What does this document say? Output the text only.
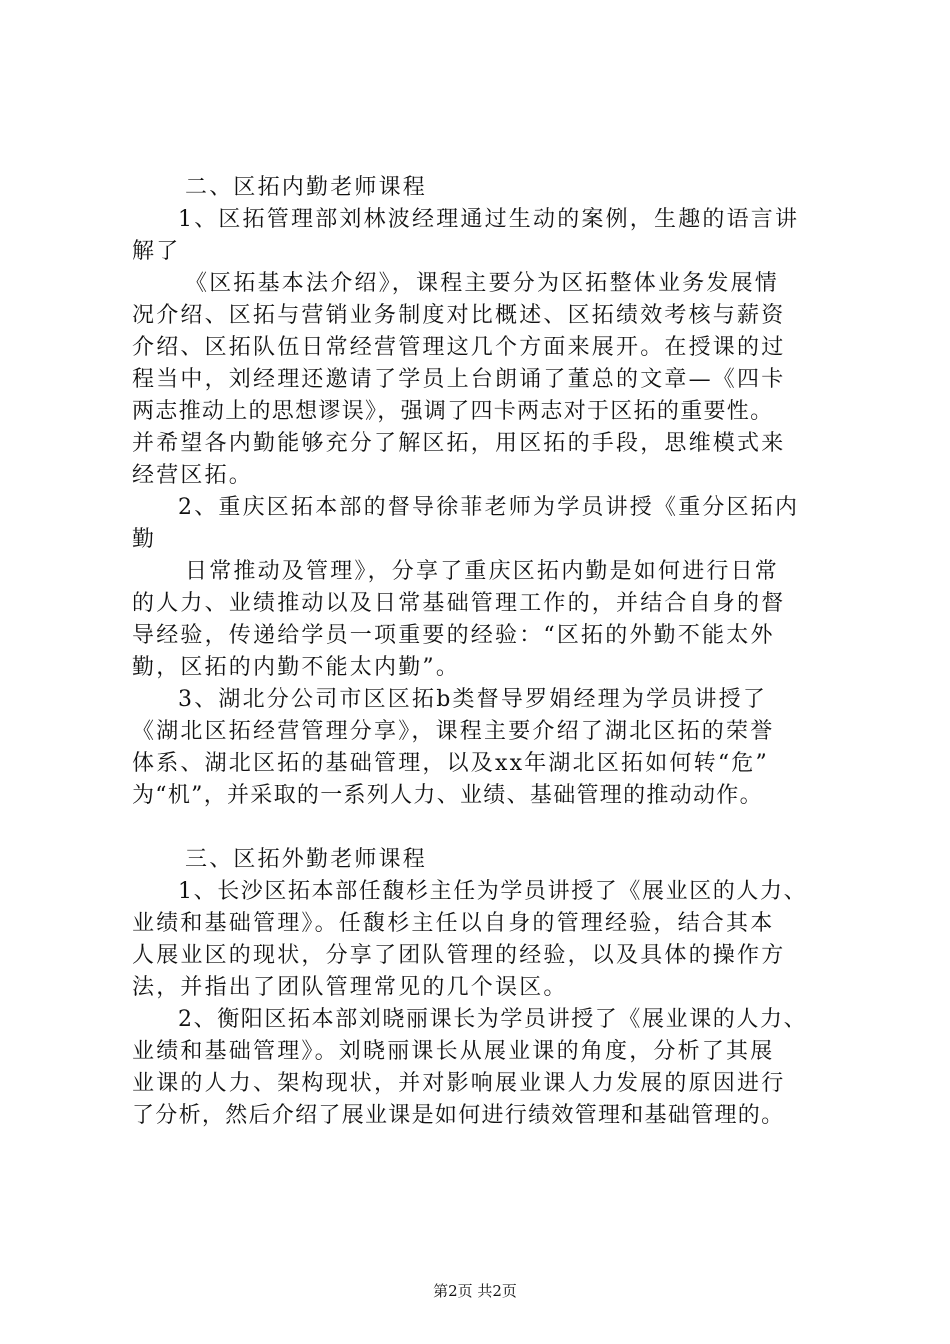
二、区拓内勤老师课程
1、区拓管理部刘林波经理通过生动的案例，生趣的语言讲
解了
《区拓基本法介绍》，课程主要分为区拓整体业务发展情
况介绍、区拓与营销业务制度对比概述、区拓绩效考核与薪资
介绍、区拓队伍日常经营管理这几个方面来展开。在授课的过
程当中，刘经理还邀请了学员上台朗诵了董总的文章—《四卡
两志推动上的思想谬误》，强调了四卡两志对于区拓的重要性。
并希望各内勤能够充分了解区拓，用区拓的手段，思维模式来
经营区拓。
2、重庆区拓本部的督导徐菲老师为学员讲授《重分区拓内
勤
日常推动及管理》，分享了重庆区拓内勤是如何进行日常
的人力、业绩推动以及日常基础管理工作的，并结合自身的督
导经验，传递给学员一项重要的经验：“区拓的外勤不能太外
勤，区拓的内勤不能太内勤”。
3、湖北分公司市区区拓b类督导罗娟经理为学员讲授了
《湖北区拓经营管理分享》，课程主要介绍了湖北区拓的荣誉
体系、湖北区拓的基础管理，以及xx年湖北区拓如何转“危”
为“机”，并采取的一系列人力、业绩、基础管理的推动动作。
三、区拓外勤老师课程
1、长沙区拓本部任馥杉主任为学员讲授了《展业区的人力、
业绩和基础管理》。任馥杉主任以自身的管理经验，结合其本
人展业区的现状，分享了团队管理的经验，以及具体的操作方
法，并指出了团队管理常见的几个误区。
2、衡阳区拓本部刘晓丽课长为学员讲授了《展业课的人力、
业绩和基础管理》。刘晓丽课长从展业课的角度，分析了其展
业课的人力、架构现状，并对影响展业课人力发展的原因进行
了分析，然后介绍了展业课是如何进行绩效管理和基础管理的。
第2页 共2页
